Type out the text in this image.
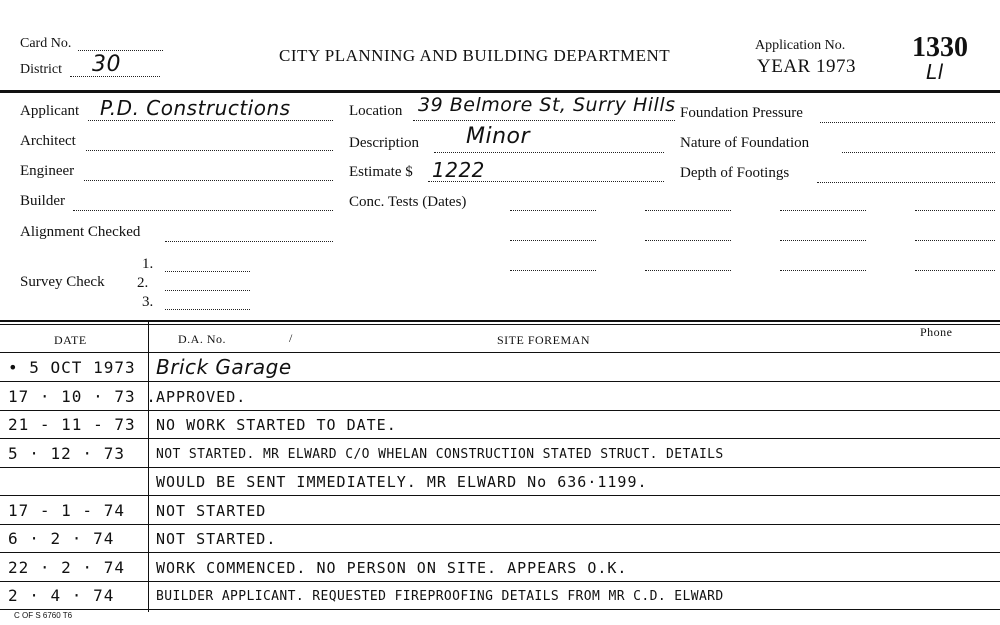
Card No.
District 30	CITY PLANNING AND BUILDING DEPARTMENT
Application No.
YEAR 1973
1330
Ll
Applicant P.D. Constructions
Architect
Engineer
Builder
Alignment Checked
Survey Check
1.
2.
3.
Location 39 Belmore St, Surry Hills
Description Minor
Estimate $ 1222
Conc. Tests (Dates)
Foundation Pressure
Nature of Foundation
Depth of Footings
DATE	D.A. No.	/	SITE FOREMAN
Phone
• 5 OCT 1973 Brick Garage
17 · 10 · 73 . APPROVED.
21 - 11 - 73 NO WORK STARTED TO DATE.
5 · 12 · 73 NOT STARTED. MR ELWARD C/O WHELAN CONSTRUCTION STATED STRUCT. DETAILS
WOULD BE SENT IMMEDIATELY. MR ELWARD No 636·1199.
17 - 1 - 74 NOT STARTED
6 · 2 · 74	NOT STARTED.
22 · 2 · 74 WORK COMMENCED. NO PERSON ON SITE. APPEARS O.K.
2 · 4 · 74	BUILDER APPLICANT. REQUESTED FIREPROOFING DETAILS FROM MR C.D. ELWARD
C OF S 6760 T6
